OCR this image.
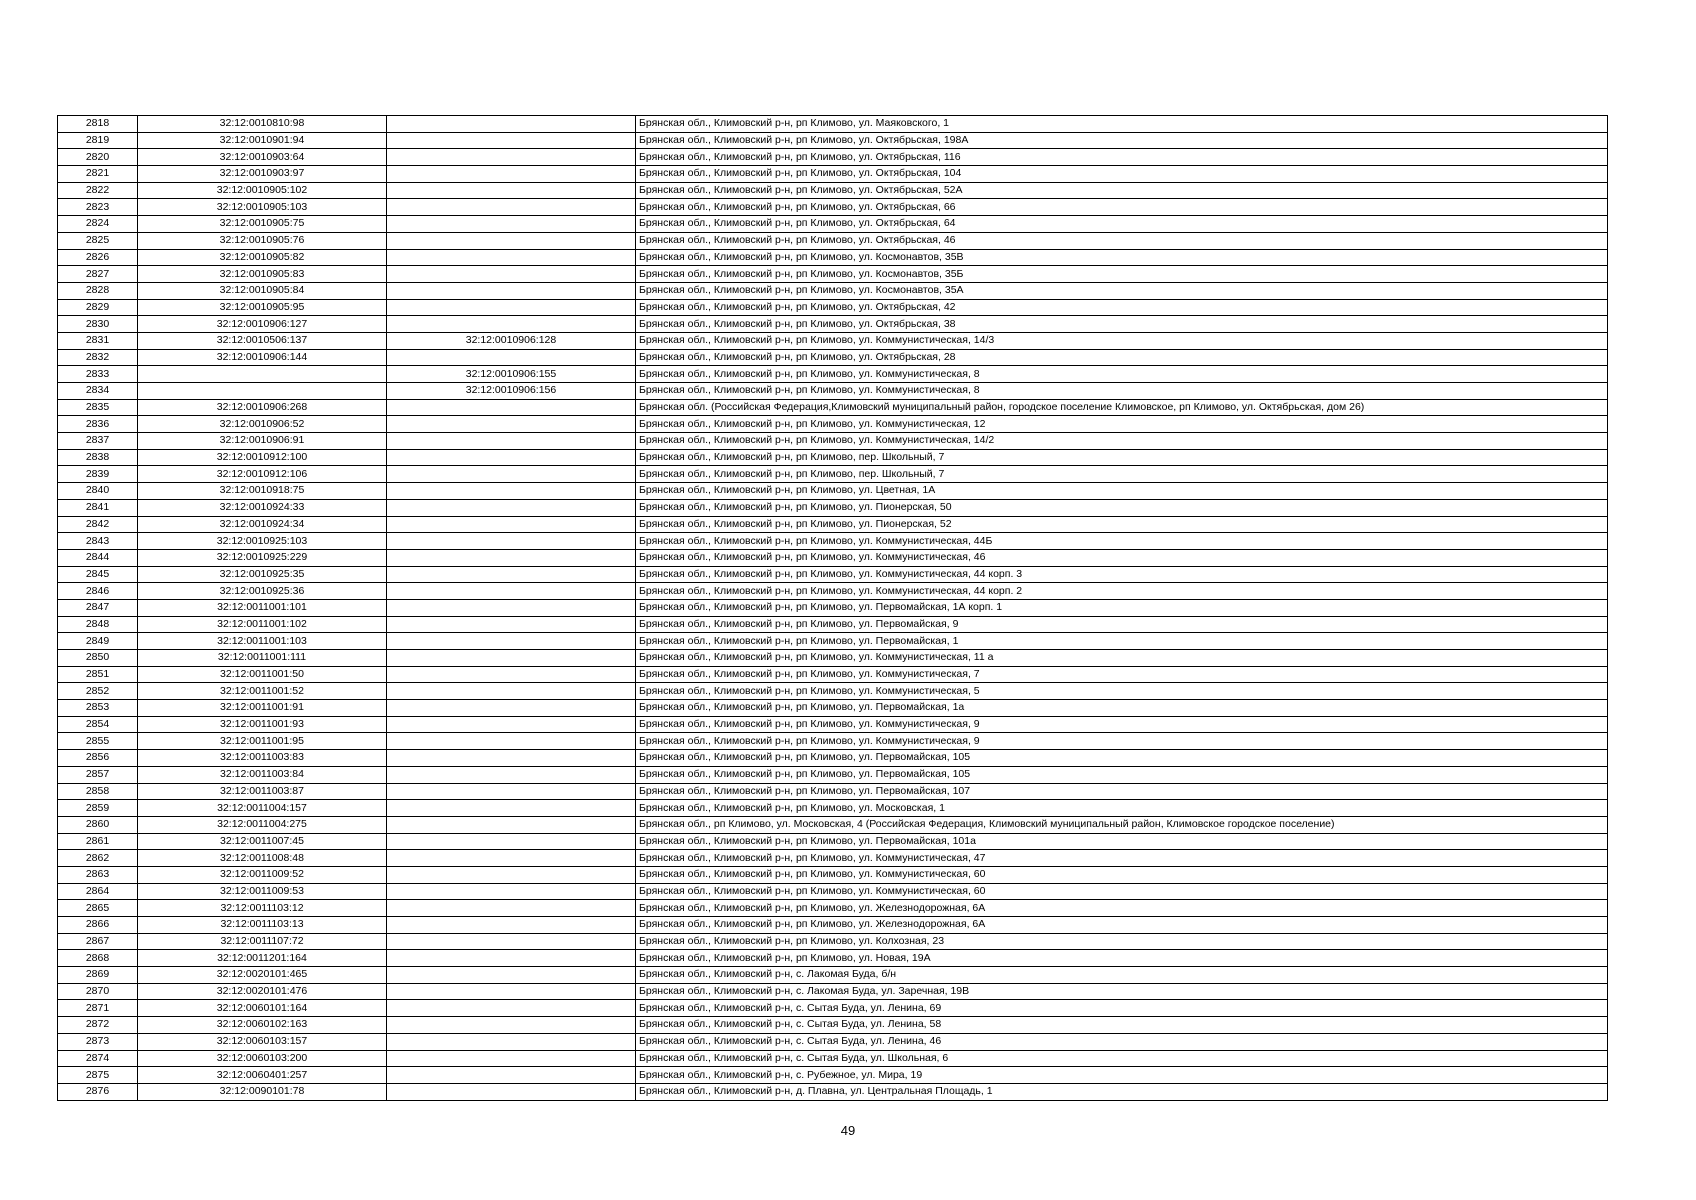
2818	32:12:0010810:98		Брянская обл., Климовский р-н, рп Климово, ул. Маяковского, 1
2819	32:12:0010901:94		Брянская обл., Климовский р-н, рп Климово, ул. Октябрьская, 198А
2820	32:12:0010903:64		Брянская обл., Климовский р-н, рп Климово, ул. Октябрьская, 116
2821	32:12:0010903:97		Брянская обл., Климовский р-н, рп Климово, ул. Октябрьская, 104
2822	32:12:0010905:102		Брянская обл., Климовский р-н, рп Климово, ул. Октябрьская, 52А
2823	32:12:0010905:103		Брянская обл., Климовский р-н, рп Климово, ул. Октябрьская, 66
2824	32:12:0010905:75		Брянская обл., Климовский р-н, рп Климово, ул. Октябрьская, 64
2825	32:12:0010905:76		Брянская обл., Климовский р-н, рп Климово, ул. Октябрьская, 46
2826	32:12:0010905:82		Брянская обл., Климовский р-н, рп Климово, ул. Космонавтов, 35В
2827	32:12:0010905:83		Брянская обл., Климовский р-н, рп Климово, ул. Космонавтов, 35Б
2828	32:12:0010905:84		Брянская обл., Климовский р-н, рп Климово, ул. Космонавтов, 35А
2829	32:12:0010905:95		Брянская обл., Климовский р-н, рп Климово, ул. Октябрьская, 42
2830	32:12:0010906:127		Брянская обл., Климовский р-н, рп Климово, ул. Октябрьская, 38
2831	32:12:0010506:137	32:12:0010906:128	Брянская обл., Климовский р-н, рп Климово, ул. Коммунистическая, 14/3
2832	32:12:0010906:144		Брянская обл., Климовский р-н, рп Климово, ул. Октябрьская, 28
2833		32:12:0010906:155	Брянская обл., Климовский р-н, рп Климово, ул. Коммунистическая, 8
2834		32:12:0010906:156	Брянская обл., Климовский р-н, рп Климово, ул. Коммунистическая, 8
2835	32:12:0010906:268		Брянская обл. (Российская Федерация,Климовский муниципальный район, городское поселение Климовское, рп Климово, ул. Октябрьская, дом 26)
2836	32:12:0010906:52		Брянская обл., Климовский р-н, рп Климово, ул. Коммунистическая, 12
2837	32:12:0010906:91		Брянская обл., Климовский р-н, рп Климово, ул. Коммунистическая, 14/2
2838	32:12:0010912:100		Брянская обл., Климовский р-н, рп Климово, пер. Школьный, 7
2839	32:12:0010912:106		Брянская обл., Климовский р-н, рп Климово, пер. Школьный, 7
2840	32:12:0010918:75		Брянская обл., Климовский р-н, рп Климово, ул. Цветная, 1А
2841	32:12:0010924:33		Брянская обл., Климовский р-н, рп Климово, ул. Пионерская, 50
2842	32:12:0010924:34		Брянская обл., Климовский р-н, рп Климово, ул. Пионерская, 52
2843	32:12:0010925:103		Брянская обл., Климовский р-н, рп Климово, ул. Коммунистическая, 44Б
2844	32:12:0010925:229		Брянская обл., Климовский р-н, рп Климово, ул. Коммунистическая, 46
2845	32:12:0010925:35		Брянская обл., Климовский р-н, рп Климово, ул. Коммунистическая, 44 корп. 3
2846	32:12:0010925:36		Брянская обл., Климовский р-н, рп Климово, ул. Коммунистическая, 44 корп. 2
2847	32:12:0011001:101		Брянская обл., Климовский р-н, рп Климово, ул. Первомайская, 1А корп. 1
2848	32:12:0011001:102		Брянская обл., Климовский р-н, рп Климово, ул. Первомайская, 9
2849	32:12:0011001:103		Брянская обл., Климовский р-н, рп Климово, ул. Первомайская, 1
2850	32:12:0011001:111		Брянская обл., Климовский р-н, рп Климово, ул. Коммунистическая, 11 а
2851	32:12:0011001:50		Брянская обл., Климовский р-н, рп Климово, ул. Коммунистическая, 7
2852	32:12:0011001:52		Брянская обл., Климовский р-н, рп Климово, ул. Коммунистическая, 5
2853	32:12:0011001:91		Брянская обл., Климовский р-н, рп Климово, ул. Первомайская, 1а
2854	32:12:0011001:93		Брянская обл., Климовский р-н, рп Климово, ул. Коммунистическая, 9
2855	32:12:0011001:95		Брянская обл., Климовский р-н, рп Климово, ул. Коммунистическая, 9
2856	32:12:0011003:83		Брянская обл., Климовский р-н, рп Климово, ул. Первомайская, 105
2857	32:12:0011003:84		Брянская обл., Климовский р-н, рп Климово, ул. Первомайская, 105
2858	32:12:0011003:87		Брянская обл., Климовский р-н, рп Климово, ул. Первомайская, 107
2859	32:12:0011004:157		Брянская обл., Климовский р-н, рп Климово, ул. Московская, 1
2860	32:12:0011004:275		Брянская обл., рп Климово, ул. Московская, 4 (Российская Федерация, Климовский муниципальный район, Климовское городское поселение)
2861	32:12:0011007:45		Брянская обл., Климовский р-н, рп Климово, ул. Первомайская, 101а
2862	32:12:0011008:48		Брянская обл., Климовский р-н, рп Климово, ул. Коммунистическая, 47
2863	32:12:0011009:52		Брянская обл., Климовский р-н, рп Климово, ул. Коммунистическая, 60
2864	32:12:0011009:53		Брянская обл., Климовский р-н, рп Климово, ул. Коммунистическая, 60
2865	32:12:0011103:12		Брянская обл., Климовский р-н, рп Климово, ул. Железнодорожная, 6А
2866	32:12:0011103:13		Брянская обл., Климовский р-н, рп Климово, ул. Железнодорожная, 6А
2867	32:12:0011107:72		Брянская обл., Климовский р-н, рп Климово, ул. Колхозная, 23
2868	32:12:0011201:164		Брянская обл., Климовский р-н, рп Климово, ул. Новая, 19А
2869	32:12:0020101:465		Брянская обл., Климовский р-н, с. Лакомая Буда, б/н
2870	32:12:0020101:476		Брянская обл., Климовский р-н, с. Лакомая Буда, ул. Заречная, 19В
2871	32:12:0060101:164		Брянская обл., Климовский р-н, с. Сытая Буда, ул. Ленина, 69
2872	32:12:0060102:163		Брянская обл., Климовский р-н, с. Сытая Буда, ул. Ленина, 58
2873	32:12:0060103:157		Брянская обл., Климовский р-н, с. Сытая Буда, ул. Ленина, 46
2874	32:12:0060103:200		Брянская обл., Климовский р-н, с. Сытая Буда, ул. Школьная, 6
2875	32:12:0060401:257		Брянская обл., Климовский р-н, с. Рубежное, ул. Мира, 19
2876	32:12:0090101:78		Брянская обл., Климовский р-н, д. Плавна, ул. Центральная Площадь, 1
49
